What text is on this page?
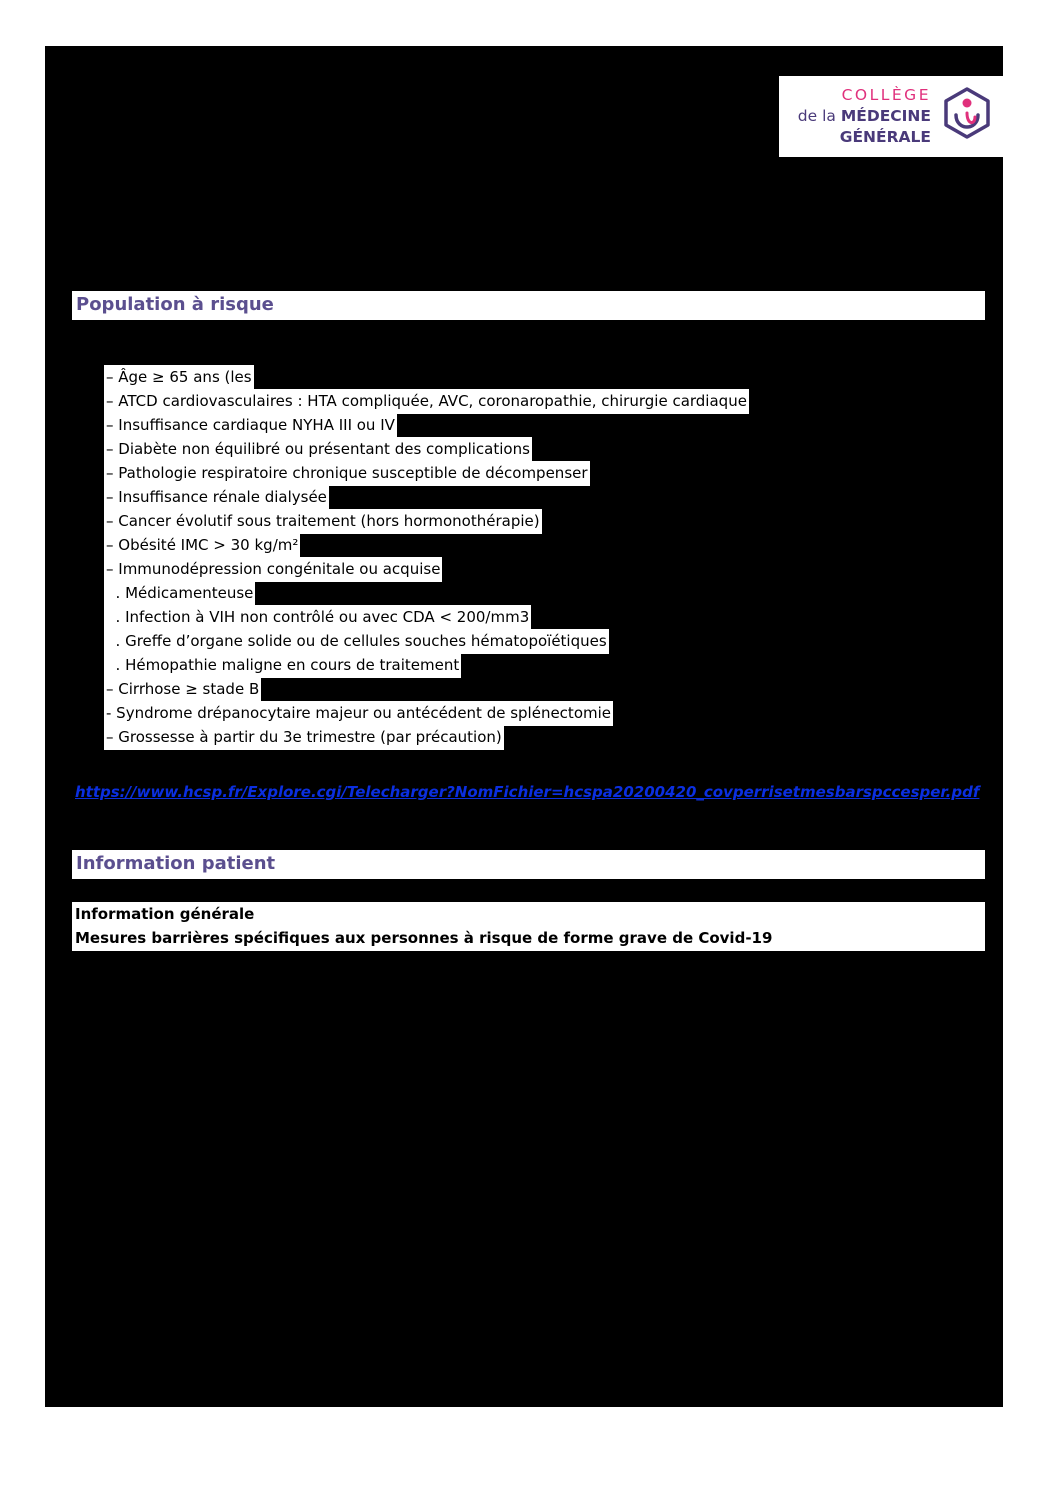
COLLÈGE
de la MÉDECINE
GÉNÉRALE
Population à risque
– Âge ≥ 65 ans (les
– ATCD cardiovasculaires : HTA compliquée, AVC, coronaropathie, chirurgie cardiaque
– Insuffisance cardiaque NYHA III ou IV
– Diabète non équilibré ou présentant des complications
– Pathologie respiratoire chronique susceptible de décompenser
– Insuffisance rénale dialysée
– Cancer évolutif sous traitement (hors hormonothérapie)
– Obésité IMC > 30 kg/m²
– Immunodépression congénitale ou acquise
. Médicamenteuse
. Infection à VIH non contrôlé ou avec CDA < 200/mm3
. Greffe d’organe solide ou de cellules souches hématopoïétiques
. Hémopathie maligne en cours de traitement
– Cirrhose ≥ stade B
- Syndrome drépanocytaire majeur ou antécédent de splénectomie
– Grossesse à partir du 3e trimestre (par précaution)
https://www.hcsp.fr/Explore.cgi/Telecharger?NomFichier=hcspa20200420_covperrisetmesbarspccesper.pdf
Information patient
Information générale
Mesures barrières spécifiques aux personnes à risque de forme grave de Covid-19
